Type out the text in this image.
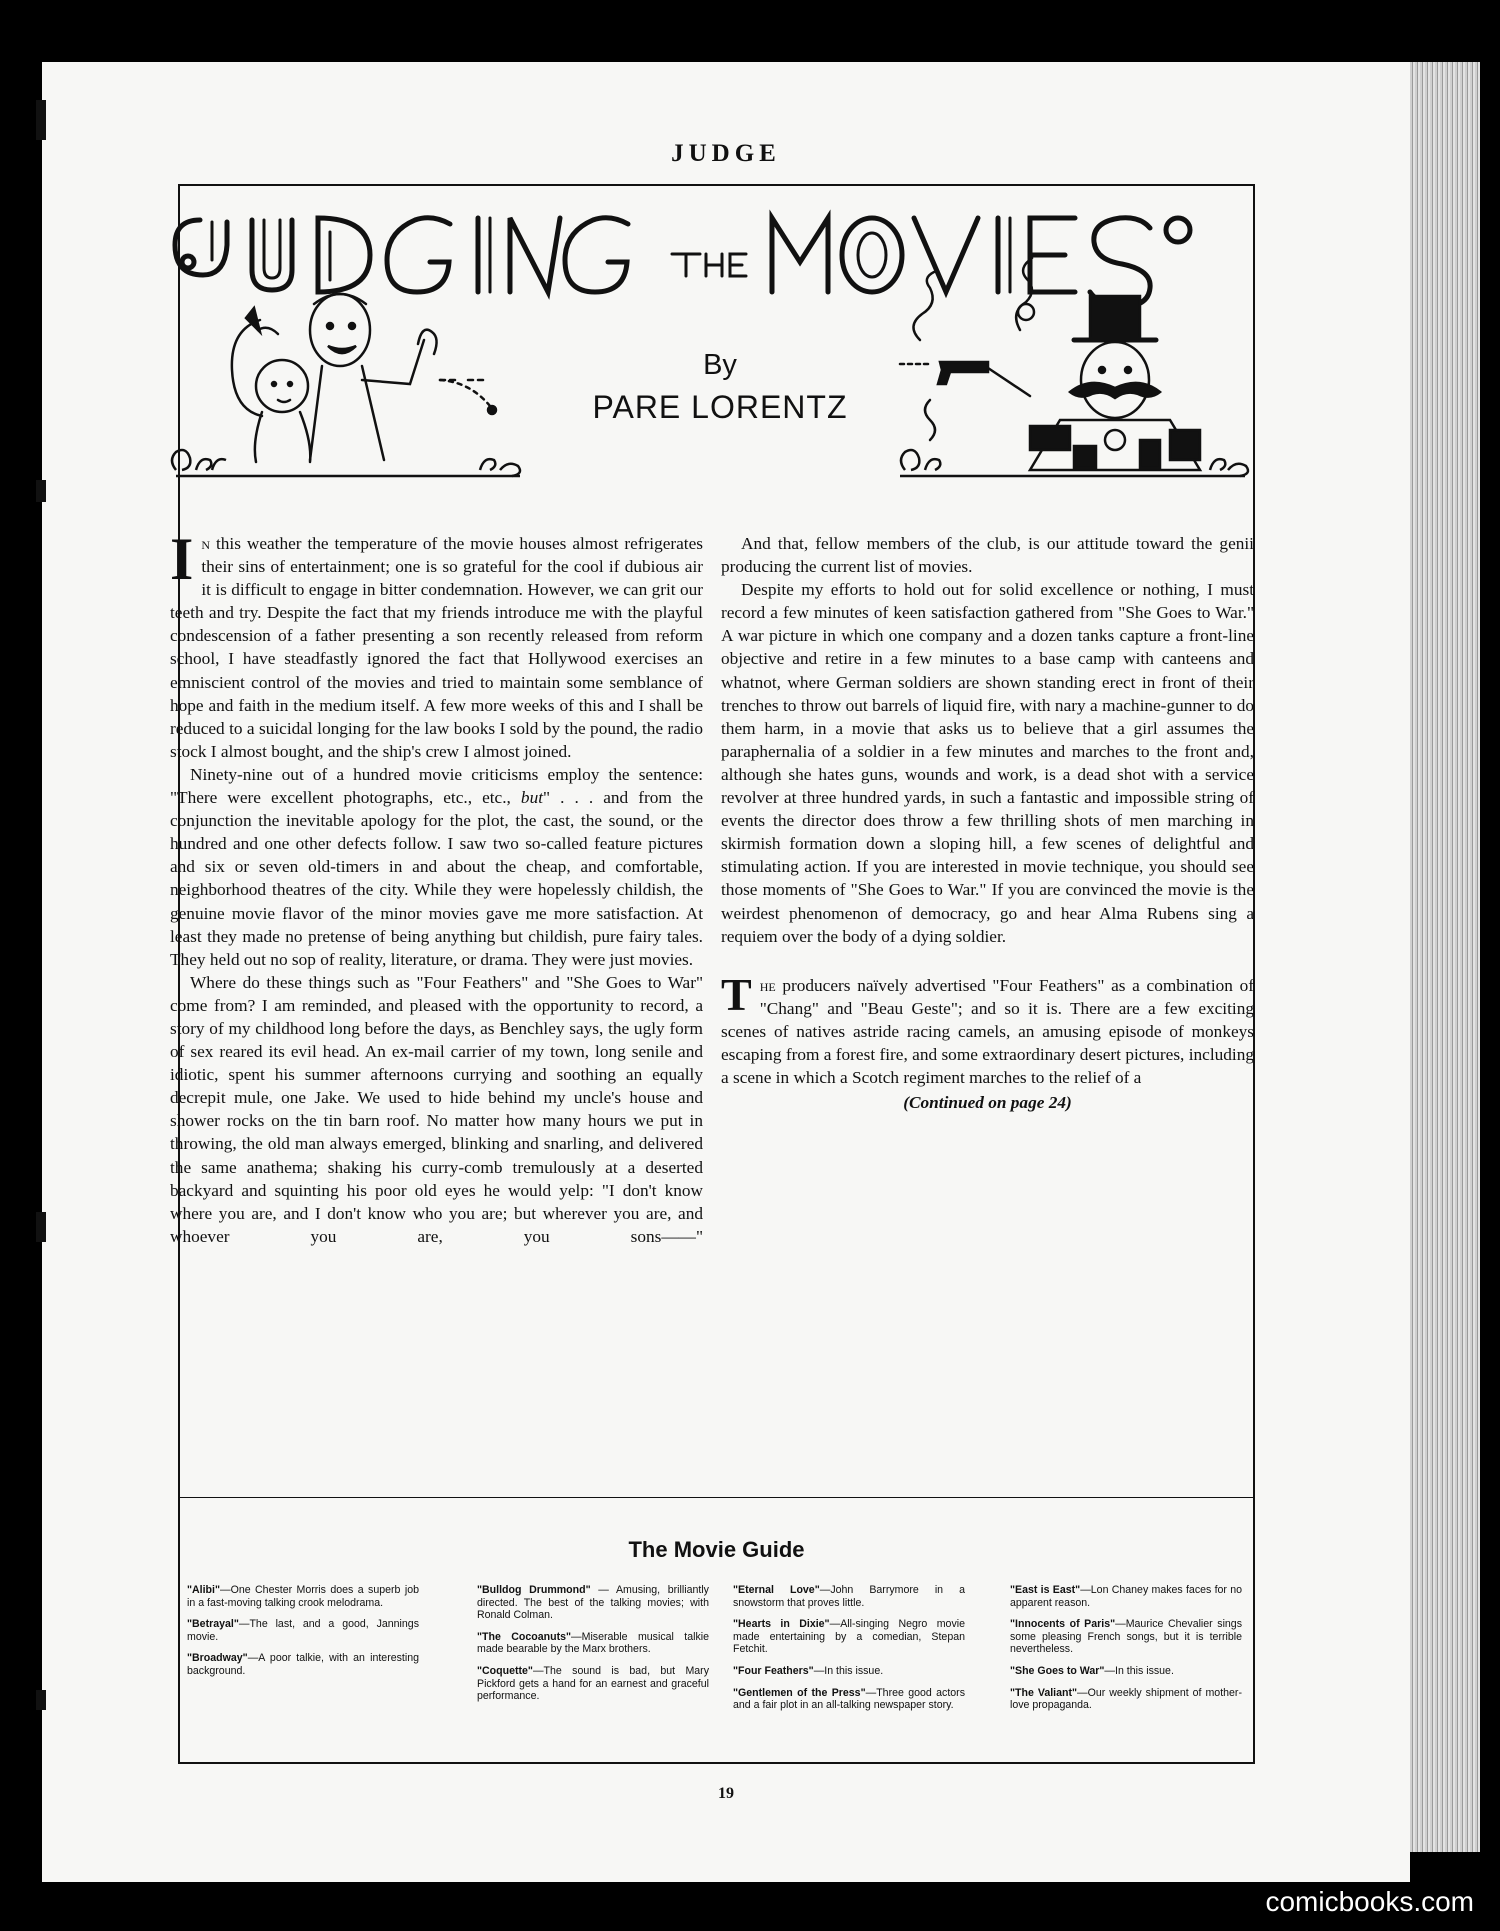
JUDGE
By
PARE LORENTZ

In this weather the temperature of the movie houses almost refrigerates their sins of entertainment; one is so grateful for the cool if dubious air it is difficult to engage in bitter condemnation. However, we can grit our teeth and try. Despite the fact that my friends introduce me with the playful condescension of a father presenting a son recently released from reform school, I have steadfastly ignored the fact that Hollywood exercises an emniscient control of the movies and tried to maintain some semblance of hope and faith in the medium itself. A few more weeks of this and I shall be reduced to a suicidal longing for the law books I sold by the pound, the radio stock I almost bought, and the ship's crew I almost joined.

Ninety-nine out of a hundred movie criticisms employ the sentence: "There were excellent photographs, etc., etc., but" . . . and from the conjunction the inevitable apology for the plot, the cast, the sound, or the hundred and one other defects follow. I saw two so-called feature pictures and six or seven old-timers in and about the cheap, and comfortable, neighborhood theatres of the city. While they were hopelessly childish, the genuine movie flavor of the minor movies gave me more satisfaction. At least they made no pretense of being anything but childish, pure fairy tales. They held out no sop of reality, literature, or drama. They were just movies.

Where do these things such as "Four Feathers" and "She Goes to War" come from? I am reminded, and pleased with the opportunity to record, a story of my childhood long before the days, as Benchley says, the ugly form of sex reared its evil head. An ex-mail carrier of my town, long senile and idiotic, spent his summer afternoons currying and soothing an equally decrepit mule, one Jake. We used to hide behind my uncle's house and shower rocks on the tin barn roof. No matter how many hours we put in throwing, the old man always emerged, blinking and snarling, and delivered the same anathema; shaking his curry-comb tremulously at a deserted backyard and squinting his poor old eyes he would yelp: "I don't know where you are, and I don't know who you are; but wherever you are, and whoever you are, you sons——"

And that, fellow members of the club, is our attitude toward the genii producing the current list of movies.

Despite my efforts to hold out for solid excellence or nothing, I must record a few minutes of keen satisfaction gathered from "She Goes to War." A war picture in which one company and a dozen tanks capture a front-line objective and retire in a few minutes to a base camp with canteens and whatnot, where German soldiers are shown standing erect in front of their trenches to throw out barrels of liquid fire, with nary a machine-gunner to do them harm, in a movie that asks us to believe that a girl assumes the paraphernalia of a soldier in a few minutes and marches to the front and, although she hates guns, wounds and work, is a dead shot with a service revolver at three hundred yards, in such a fantastic and impossible string of events the director does throw a few thrilling shots of men marching in skirmish formation down a sloping hill, a few scenes of delightful and stimulating action. If you are interested in movie technique, you should see those moments of "She Goes to War." If you are convinced the movie is the weirdest phenomenon of democracy, go and hear Alma Rubens sing a requiem over the body of a dying soldier.

The producers naïvely advertised "Four Feathers" as a combination of "Chang" and "Beau Geste"; and so it is. There are a few exciting scenes of natives astride racing camels, an amusing episode of monkeys escaping from a forest fire, and some extraordinary desert pictures, including a scene in which a Scotch regiment marches to the relief of a

(Continued on page 24)
The Movie Guide
"Alibi"—One Chester Morris does a superb job in a fast-moving talking crook melodrama.
"Betrayal"—The last, and a good, Jannings movie.
"Broadway"—A poor talkie, with an interesting background.
"Bulldog Drummond" — Amusing, brilliantly directed. The best of the talking movies; with Ronald Colman.
"The Cocoanuts"—Miserable musical talkie made bearable by the Marx brothers.
"Coquette"—The sound is bad, but Mary Pickford gets a hand for an earnest and graceful performance.
"Eternal Love"—John Barrymore in a snowstorm that proves little.
"Hearts in Dixie"—All-singing Negro movie made entertaining by a comedian, Stepan Fetchit.
"Four Feathers"—In this issue.
"Gentlemen of the Press"—Three good actors and a fair plot in an all-talking newspaper story.
"East is East"—Lon Chaney makes faces for no apparent reason.
"Innocents of Paris"—Maurice Chevalier sings some pleasing French songs, but it is terrible nevertheless.
"She Goes to War"—In this issue.
"The Valiant"—Our weekly shipment of mother-love propaganda.
19
comicbooks.com
